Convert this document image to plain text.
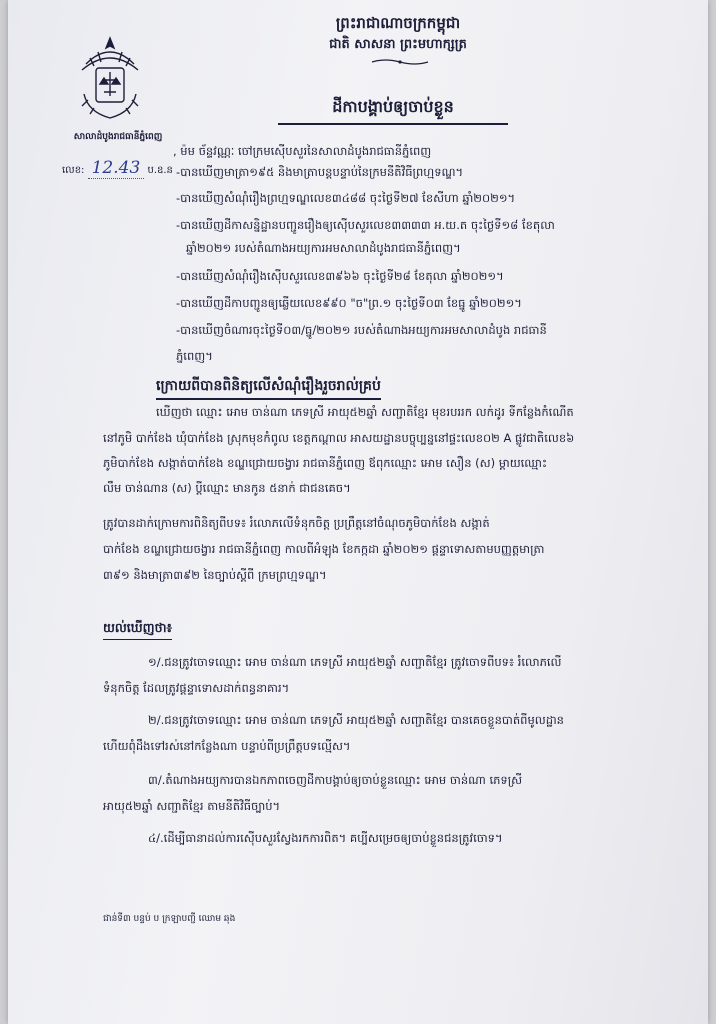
ព្រះរាជាណាចក្រកម្ពុជា
ជាតិ សាសនា ព្រះមហាក្សត្រ
សាលាដំបូងរាជធានីភ្នំពេញ
លេខ: 12.43 ប.ឧ.ន
ដីកាបង្គាប់ឲ្យចាប់ខ្លួន
, ម៉ម ច័ន្ទវណ្ណៈ ចៅក្រមស៊ើបសួរនៃសាលាដំបូងរាជធានីភ្នំពេញ
-បានឃើញមាត្រា១៩៥ និងមាត្រាបន្តបន្ទាប់នៃក្រមនីតិវិធីព្រហ្មទណ្ឌ។
-បានឃើញសំណុំរឿងព្រហ្មទណ្ឌលេខ៣៤៨៨ ចុះថ្ងៃទី២៧ ខែសីហា ឆ្នាំ២០២១។
-បានឃើញដីកាសន្និដ្ឋានបញ្ជូនរឿងឲ្យស៊ើបសួរលេខ៣៣៣៣ អ.យ.ត ចុះថ្ងៃទី១៨ ខែតុលា
ឆ្នាំ២០២១ របស់តំណាងអយ្យការអមសាលាដំបូងរាជធានីភ្នំពេញ។
-បានឃើញសំណុំរឿងស៊ើបសួរលេខ៣៩៦៦ ចុះថ្ងៃទី២៨ ខែតុលា ឆ្នាំ២០២១។
-បានឃើញដីកាបញ្ជូនឲ្យឆ្លើយលេខ៩៩០ "ច"ព្រ.១ ចុះថ្ងៃទី០៣ ខែធ្នូ ឆ្នាំ២០២១។
-បានឃើញចំណារចុះថ្ងៃទី០៣/ធ្នូ/២០២១ របស់តំណាងអយ្យការអមសាលាដំបូង រាជធានី
ភ្នំពេញ។
ក្រោយពីបានពិនិត្យលើសំណុំរឿងរួចរាល់គ្រប់
ឃើញថា ឈ្មោះ អោម ចាន់ណា ភេទស្រី អាយុ៥២ឆ្នាំ សញ្ជាតិខ្មែរ មុខរបររក លក់ដូរ ទីកន្លែងកំណើត
នៅភូមិ បាក់ខែង ឃុំបាក់ខែង ស្រុកមុខកំពូល ខេត្តកណ្តាល អាសយដ្ឋានបច្ចុប្បន្ននៅផ្ទះលេខ០២ A ផ្លូវជាតិលេខ៦
ភូមិបាក់ខែង សង្កាត់បាក់ខែង ខណ្ឌជ្រោយចង្វារ រាជធានីភ្នំពេញ ឪពុកឈ្មោះ អោម សឿន (ស) ម្តាយឈ្មោះ
លឹម ចាន់ណាន (ស) ប្តីឈ្មោះ មានកូន ៥នាក់ ជាជនគេច។
ត្រូវបានដាក់ក្រោមការពិនិត្យពីបទ៖ រំលោភលើទំនុកចិត្ត ប្រព្រឹត្តនៅចំណុចភូមិបាក់ខែង សង្កាត់
បាក់ខែង ខណ្ឌជ្រោយចង្វារ រាជធានីភ្នំពេញ កាលពីអំឡុង ខែកក្កដា ឆ្នាំ២០២១ ផ្តន្ទាទោសតាមបញ្ញត្តមាត្រា
៣៩១ និងមាត្រា៣៩២ នៃច្បាប់ស្តីពី ក្រមព្រហ្មទណ្ឌ។
យល់ឃើញថា៖
១/.ជនត្រូវចោទឈ្មោះ អោម ចាន់ណា ភេទស្រី អាយុ៥២ឆ្នាំ សញ្ជាតិខ្មែរ ត្រូវចោទពីបទ៖ រំលោភលើ
ទំនុកចិត្ត ដែលត្រូវផ្តន្ទាទោសដាក់ពន្ធនាគារ។
២/.ជនត្រូវចោទឈ្មោះ អោម ចាន់ណា ភេទស្រី អាយុ៥២ឆ្នាំ សញ្ជាតិខ្មែរ បានគេចខ្លួនបាត់ពីមូលដ្ឋាន
ហើយពុំដឹងទៅរស់នៅកន្លែងណា បន្ទាប់ពីប្រព្រឹត្តបទល្មើស។
៣/.តំណាងអយ្យការបានឯកភាពចេញដីកាបង្គាប់ឲ្យចាប់ខ្លួនឈ្មោះ អោម ចាន់ណា ភេទស្រី
អាយុ៥២ឆ្នាំ សញ្ជាតិខ្មែរ តាមនីតិវិធីច្បាប់។
៤/.ដើម្បីធានាដល់ការស៊ើបសួរស្វែងរកការពិត។ គប្បីសម្រេចឲ្យចាប់ខ្លួនជនត្រូវចោទ។
ជាន់ទី៣ បន្ទប់ ប ក្រឡាបញ្ជី ឈោម ឆុង
